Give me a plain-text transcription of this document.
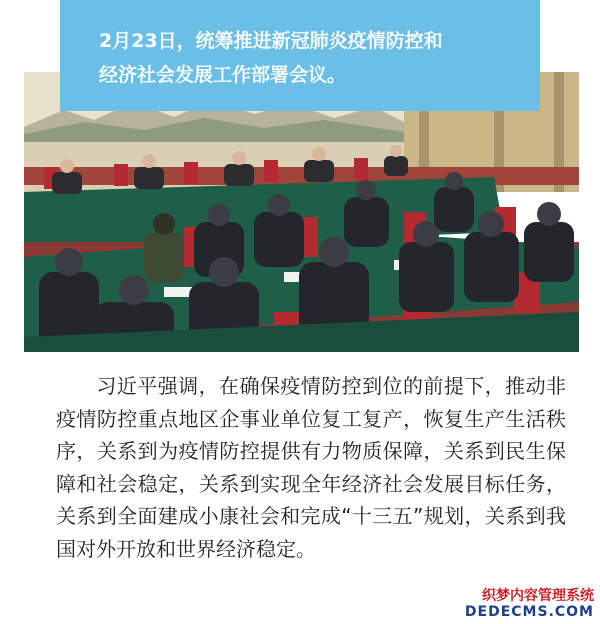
2月23日，统筹推进新冠肺炎疫情防控和
经济社会发展工作部署会议。
习近平强调，在确保疫情防控到位的前提下，推动非疫情防控重点地区企事业单位复工复产，恢复生产生活秩序，关系到为疫情防控提供有力物质保障，关系到民生保障和社会稳定，关系到实现全年经济社会发展目标任务，关系到全面建成小康社会和完成“十三五”规划，关系到我国对外开放和世界经济稳定。
织梦内容管理系统
DEDECMS.COM
